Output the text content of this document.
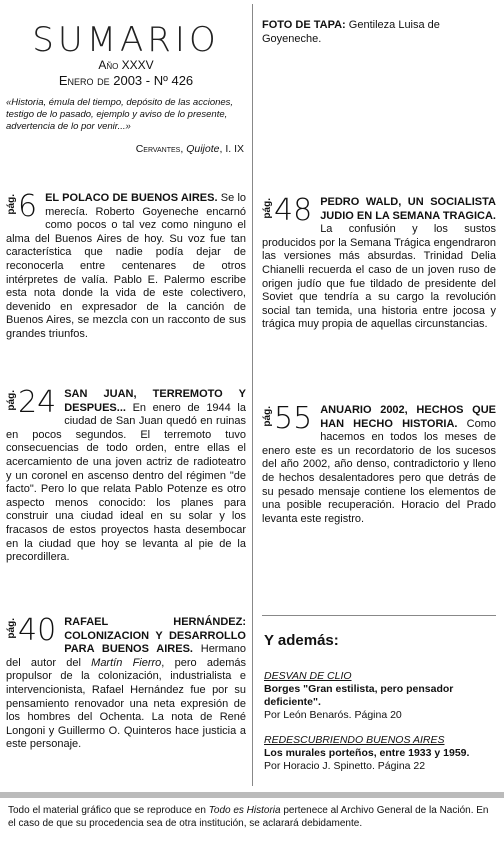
SUMARIO
Año XXXV
Enero de 2003 - Nº 426
«Historia, émula del tiempo, depósito de las acciones, testigo de lo pasado, ejemplo y aviso de lo presente, advertencia de lo por venir...»
Cervantes, Quijote, I. IX
pág. 6 EL POLACO DE BUENOS AIRES. Se lo merecía. Roberto Goyeneche encarnó como pocos o tal vez como ninguno el alma del Buenos Aires de hoy. Su voz fue tan característica que nadie podía dejar de reconocerla entre centenares de otros intérpretes de valía. Pablo E. Palermo escribe esta nota donde la vida de este colectivero, devenido en expresador de la canción de Buenos Aires, se mezcla con un racconto de sus grandes triunfos.
pág. 24 SAN JUAN, TERREMOTO Y DESPUES... En enero de 1944 la ciudad de San Juan quedó en ruinas en pocos segundos. El terremoto tuvo consecuencias de todo orden, entre ellas el acercamiento de una joven actriz de radioteatro y un coronel en ascenso dentro del régimen "de facto". Pero lo que relata Pablo Potenze es otro aspecto menos conocido: los planes para construir una ciudad ideal en su solar y los fracasos de estos proyectos hasta desembocar en la ciudad que hoy se levanta al pie de la precordillera.
pág. 40 RAFAEL HERNÁNDEZ: COLONIZACION Y DESARROLLO PARA BUENOS AIRES. Hermano del autor del Martín Fierro, pero además propulsor de la colonización, industrialista e intervencionista, Rafael Hernández fue por su pensamiento renovador una neta expresión de los hombres del Ochenta. La nota de René Longoni y Guillermo O. Quinteros hace justicia a este personaje.
FOTO DE TAPA: Gentileza Luisa de Goyeneche.
pág. 48 PEDRO WALD, UN SOCIALISTA JUDIO EN LA SEMANA TRAGICA. La confusión y los sustos producidos por la Semana Trágica engendraron las versiones más absurdas. Trinidad Delia Chianelli recuerda el caso de un joven ruso de origen judío que fue tildado de presidente del Soviet que tendría a su cargo la revolución social tan temida, una historia entre jocosa y trágica muy propia de aquellas circunstancias.
pág. 55 ANUARIO 2002, HECHOS QUE HAN HECHO HISTORIA. Como hacemos en todos los meses de enero este es un recordatorio de los sucesos del año 2002, año denso, contradictorio y lleno de hechos desalentadores pero que detrás de su pesado mensaje contiene los elementos de una posible recuperación. Horacio del Prado levanta este registro.
Y además:
DESVAN DE CLIO
Borges "Gran estilista, pero pensador deficiente".
Por León Benarós. Página 20
REDESCUBRIENDO BUENOS AIRES
Los murales porteños, entre 1933 y 1959.
Por Horacio J. Spinetto. Página 22
Todo el material gráfico que se reproduce en Todo es Historia pertenece al Archivo General de la Nación. En el caso de que su procedencia sea de otra institución, se aclarará debidamente.
